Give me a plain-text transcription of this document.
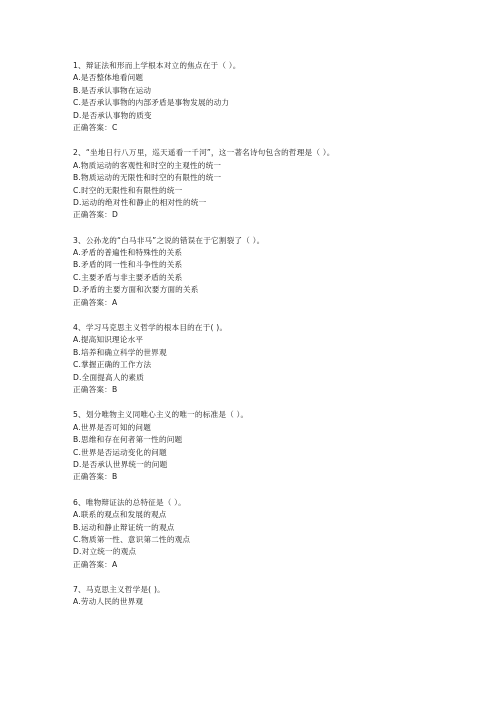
1、辩证法和形而上学根本对立的焦点在于（ ）。
A.是否整体地看问题
B.是否承认事物在运动
C.是否承认事物的内部矛盾是事物发展的动力
D.是否承认事物的质变
正确答案：C
2、“坐地日行八万里，巡天遥看一千河”，这一著名诗句包含的哲理是（ ）。
A.物质运动的客观性和时空的主观性的统一
B.物质运动的无限性和时空的有限性的统一
C.时空的无限性和有限性的统一
D.运动的绝对性和静止的相对性的统一
正确答案：D
3、公孙龙的“白马非马”之说的错误在于它割裂了（ ）。
A.矛盾的普遍性和特殊性的关系
B.矛盾的同一性和斗争性的关系
C.主要矛盾与非主要矛盾的关系
D.矛盾的主要方面和次要方面的关系
正确答案：A
4、学习马克思主义哲学的根本目的在于( )。
A.提高知识理论水平
B.培养和确立科学的世界观
C.掌握正确的工作方法
D.全面提高人的素质
正确答案：B
5、划分唯物主义同唯心主义的唯一的标准是（ ）。
A.世界是否可知的问题
B.思维和存在何者第一性的问题
C.世界是否运动变化的问题
D.是否承认世界统一的问题
正确答案：B
6、唯物辩证法的总特征是（ ）。
A.联系的观点和发展的观点
B.运动和静止辩证统一的观点
C.物质第一性、意识第二性的观点
D.对立统一的观点
正确答案：A
7、马克思主义哲学是( )。
A.劳动人民的世界观
